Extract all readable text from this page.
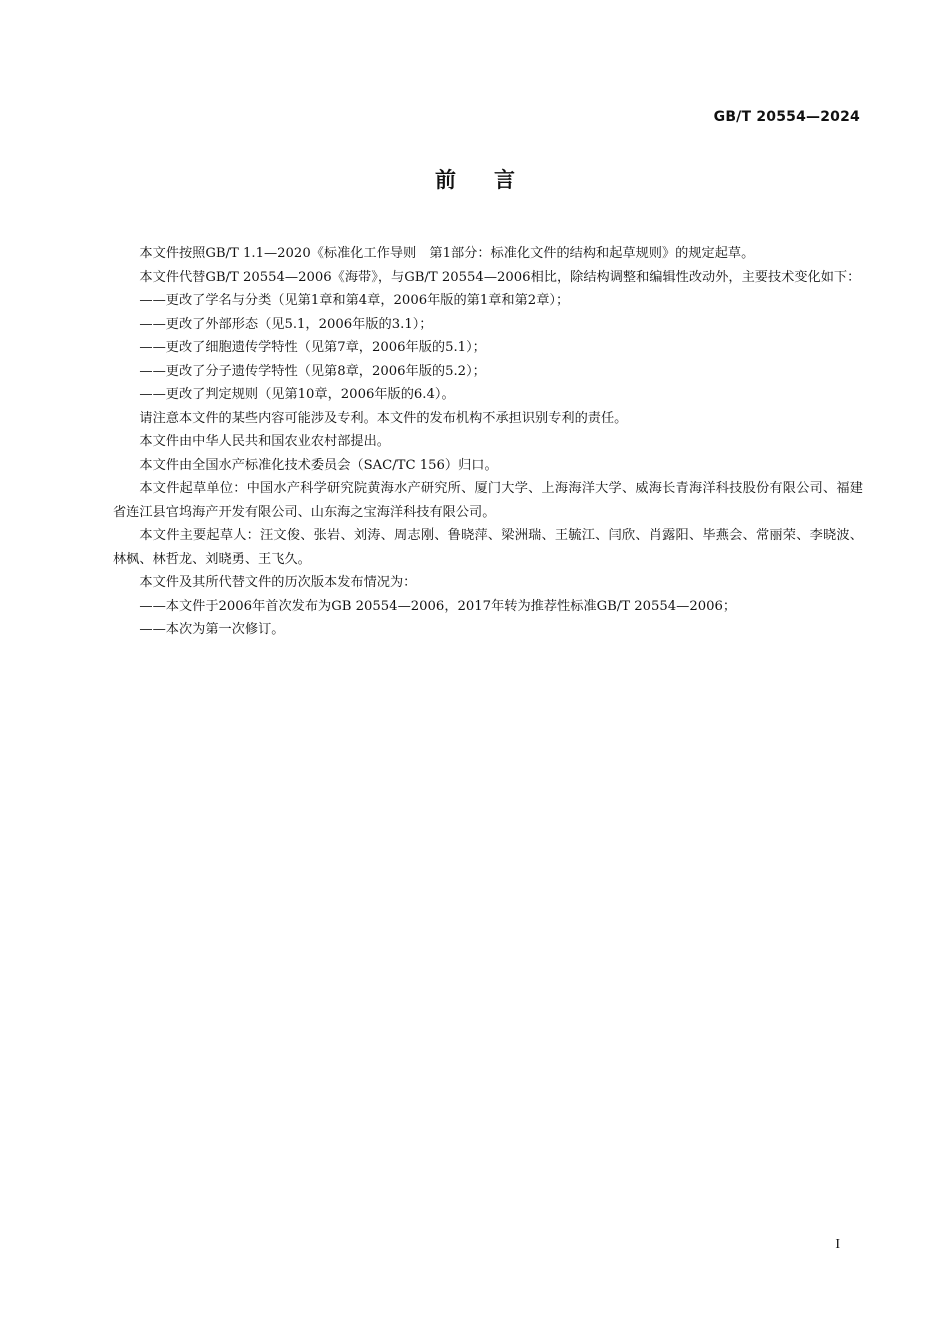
GB/T 20554—2024
前言

本文件按照GB/T 1.1—2020《标准化工作导则　第1部分：标准化文件的结构和起草规则》的规定起草。

本文件代替GB/T 20554—2006《海带》，与GB/T 20554—2006相比，除结构调整和编辑性改动外，主要技术变化如下：

——更改了学名与分类（见第1章和第4章，2006年版的第1章和第2章）；

——更改了外部形态（见5.1，2006年版的3.1）；

——更改了细胞遗传学特性（见第7章，2006年版的5.1）；

——更改了分子遗传学特性（见第8章，2006年版的5.2）；

——更改了判定规则（见第10章，2006年版的6.4）。

请注意本文件的某些内容可能涉及专利。本文件的发布机构不承担识别专利的责任。

本文件由中华人民共和国农业农村部提出。

本文件由全国水产标准化技术委员会（SAC/TC 156）归口。

本文件起草单位：中国水产科学研究院黄海水产研究所、厦门大学、上海海洋大学、威海长青海洋科技股份有限公司、福建省连江县官坞海产开发有限公司、山东海之宝海洋科技有限公司。

本文件主要起草人：汪文俊、张岩、刘涛、周志刚、鲁晓萍、梁洲瑞、王毓江、闫欣、肖露阳、毕燕会、常丽荣、李晓波、林枫、林哲龙、刘晓勇、王飞久。

本文件及其所代替文件的历次版本发布情况为：

——本文件于2006年首次发布为GB 20554—2006，2017年转为推荐性标准GB/T 20554—2006；

——本次为第一次修订。

I
